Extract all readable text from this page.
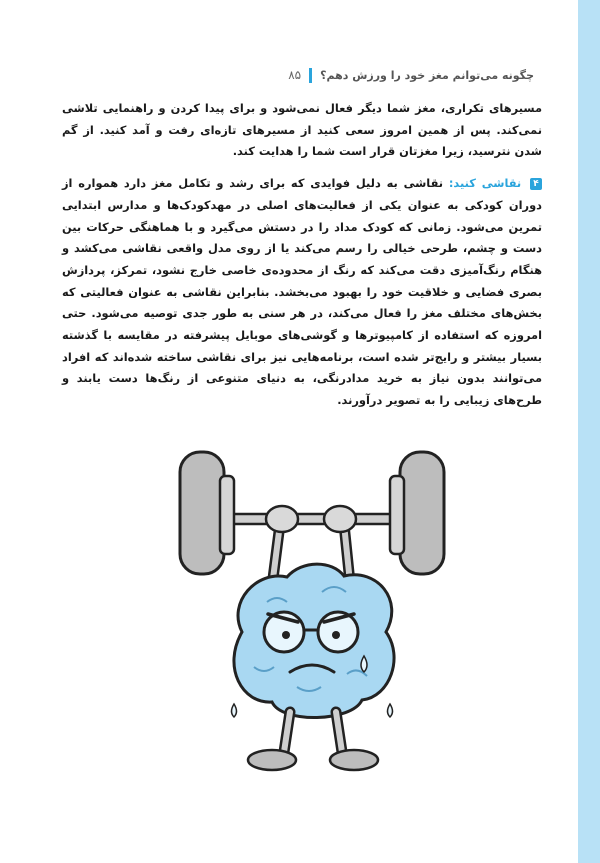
چگونه می‌توانم مغز خود را ورزش دهم؟
۸۵

مسیرهای تکراری، مغز شما دیگر فعال نمی‌شود و برای پیدا کردن و راهنمایی تلاشی نمی‌کند. پس از همین امروز سعی کنید از مسیرهای تازه‌ای رفت و آمد کنید. از گم شدن نترسید، زیرا مغزتان قرار است شما را هدایت کند.

۴ نقاشی کنید: نقاشی به دلیل فوایدی که برای رشد و تکامل مغز دارد همواره از دوران کودکی به عنوان یکی از فعالیت‌های اصلی در مهدکودک‌ها و مدارس ابتدایی تمرین می‌شود. زمانی که کودک مداد را در دستش می‌گیرد و با هماهنگی حرکات بین دست و چشم، طرحی خیالی را رسم می‌کند یا از روی مدل واقعی نقاشی می‌کشد و هنگام رنگ‌آمیزی دقت می‌کند که رنگ از محدوده‌ی خاصی خارج نشود، تمرکز، پردازش بصری فضایی و خلاقیت خود را بهبود می‌بخشد. بنابراین نقاشی به عنوان فعالیتی که بخش‌های مختلف مغز را فعال می‌کند، در هر سنی به طور جدی توصیه می‌شود. حتی امروزه که استفاده از کامپیوترها و گوشی‌های موبایل پیشرفته در مقایسه با گذشته بسیار بیشتر و رایج‌تر شده است، برنامه‌هایی نیز برای نقاشی ساخته شده‌اند که افراد می‌توانند بدون نیاز به خرید مدادرنگی، به دنیای متنوعی از رنگ‌ها دست یابند و طرح‌های زیبایی را به تصویر درآورند.
